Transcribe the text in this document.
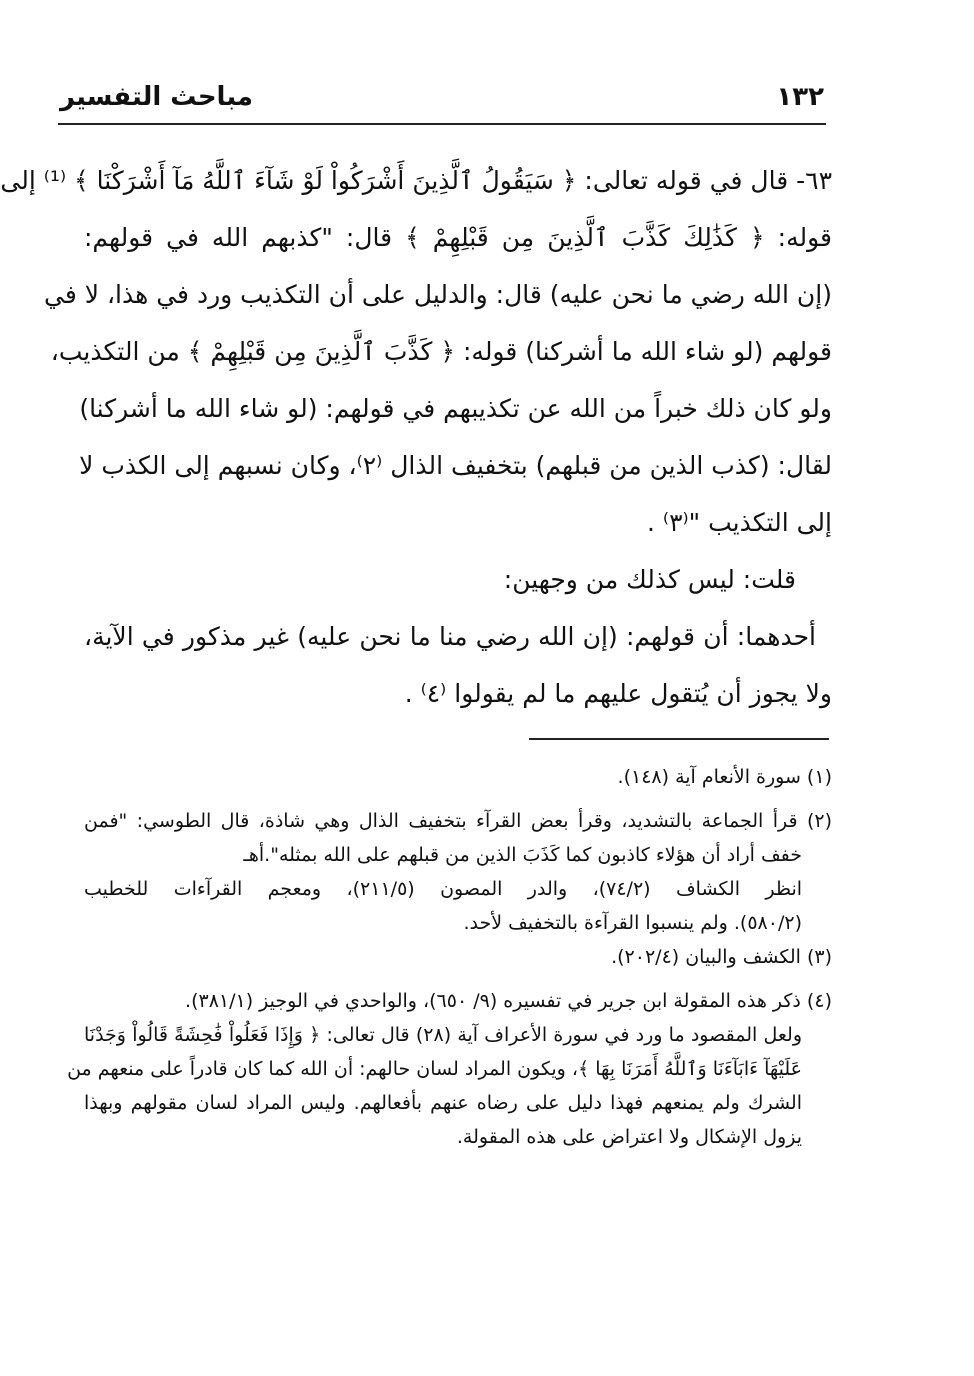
١٣٢
مباحث التفسير
٦٣- قال في قوله تعالى: ﴿ سَيَقُولُ ٱلَّذِينَ أَشْرَكُواْ لَوْ شَآءَ ٱللَّهُ مَآ أَشْرَكْنَا ﴾ ⁽¹⁾ إلى
قوله: ﴿ كَذَٰلِكَ كَذَّبَ ٱلَّذِينَ مِن قَبْلِهِمْ ﴾ قال: "كذبهم الله في قولهم:
(إن الله رضي ما نحن عليه) قال: والدليل على أن التكذيب ورد في هذا، لا في
قولهم (لو شاء الله ما أشركنا) قوله: ﴿ كَذَّبَ ٱلَّذِينَ مِن قَبْلِهِمْ ﴾ من التكذيب،
ولو كان ذلك خبراً من الله عن تكذيبهم في قولهم: (لو شاء الله ما أشركنا)
لقال: (كذب الذين من قبلهم) بتخفيف الذال ⁽٢⁾، وكان نسبهم إلى الكذب لا
إلى التكذيب "⁽٣⁾ .
قلت: ليس كذلك من وجهين:
أحدهما: أن قولهم: (إن الله رضي منا ما نحن عليه) غير مذكور في الآية،
ولا يجوز أن يُتقول عليهم ما لم يقولوا ⁽٤⁾ .
(١) سورة الأنعام آية (١٤٨).
(٢) قرأ الجماعة بالتشديد، وقرأ بعض القرآء بتخفيف الذال وهي شاذة، قال الطوسي: "فمن
خفف أراد أن هؤلاء كاذبون كما كَذَبَ الذين من قبلهم على الله بمثله".أهـ
انظر الكشاف (٧٤/٢)، والدر المصون (٢١١/٥)، ومعجم القرآءات للخطيب
(٥٨٠/٢). ولم ينسبوا القرآءة بالتخفيف لأحد.
(٣) الكشف والبيان (٢٠٢/٤).
(٤) ذكر هذه المقولة ابن جرير في تفسيره (٩/ ٦٥٠)، والواحدي في الوجيز (٣٨١/١).
ولعل المقصود ما ورد في سورة الأعراف آية (٢٨) قال تعالى: ﴿ وَإِذَا فَعَلُواْ فَٰحِشَةً قَالُواْ وَجَدْنَا
عَلَيْهَآ ءَابَآءَنَا وَٱللَّهُ أَمَرَنَا بِهَا ﴾، ويكون المراد لسان حالهم: أن الله كما كان قادراً على منعهم من
الشرك ولم يمنعهم فهذا دليل على رضاه عنهم بأفعالهم. وليس المراد لسان مقولهم وبهذا
يزول الإشكال ولا اعتراض على هذه المقولة.
